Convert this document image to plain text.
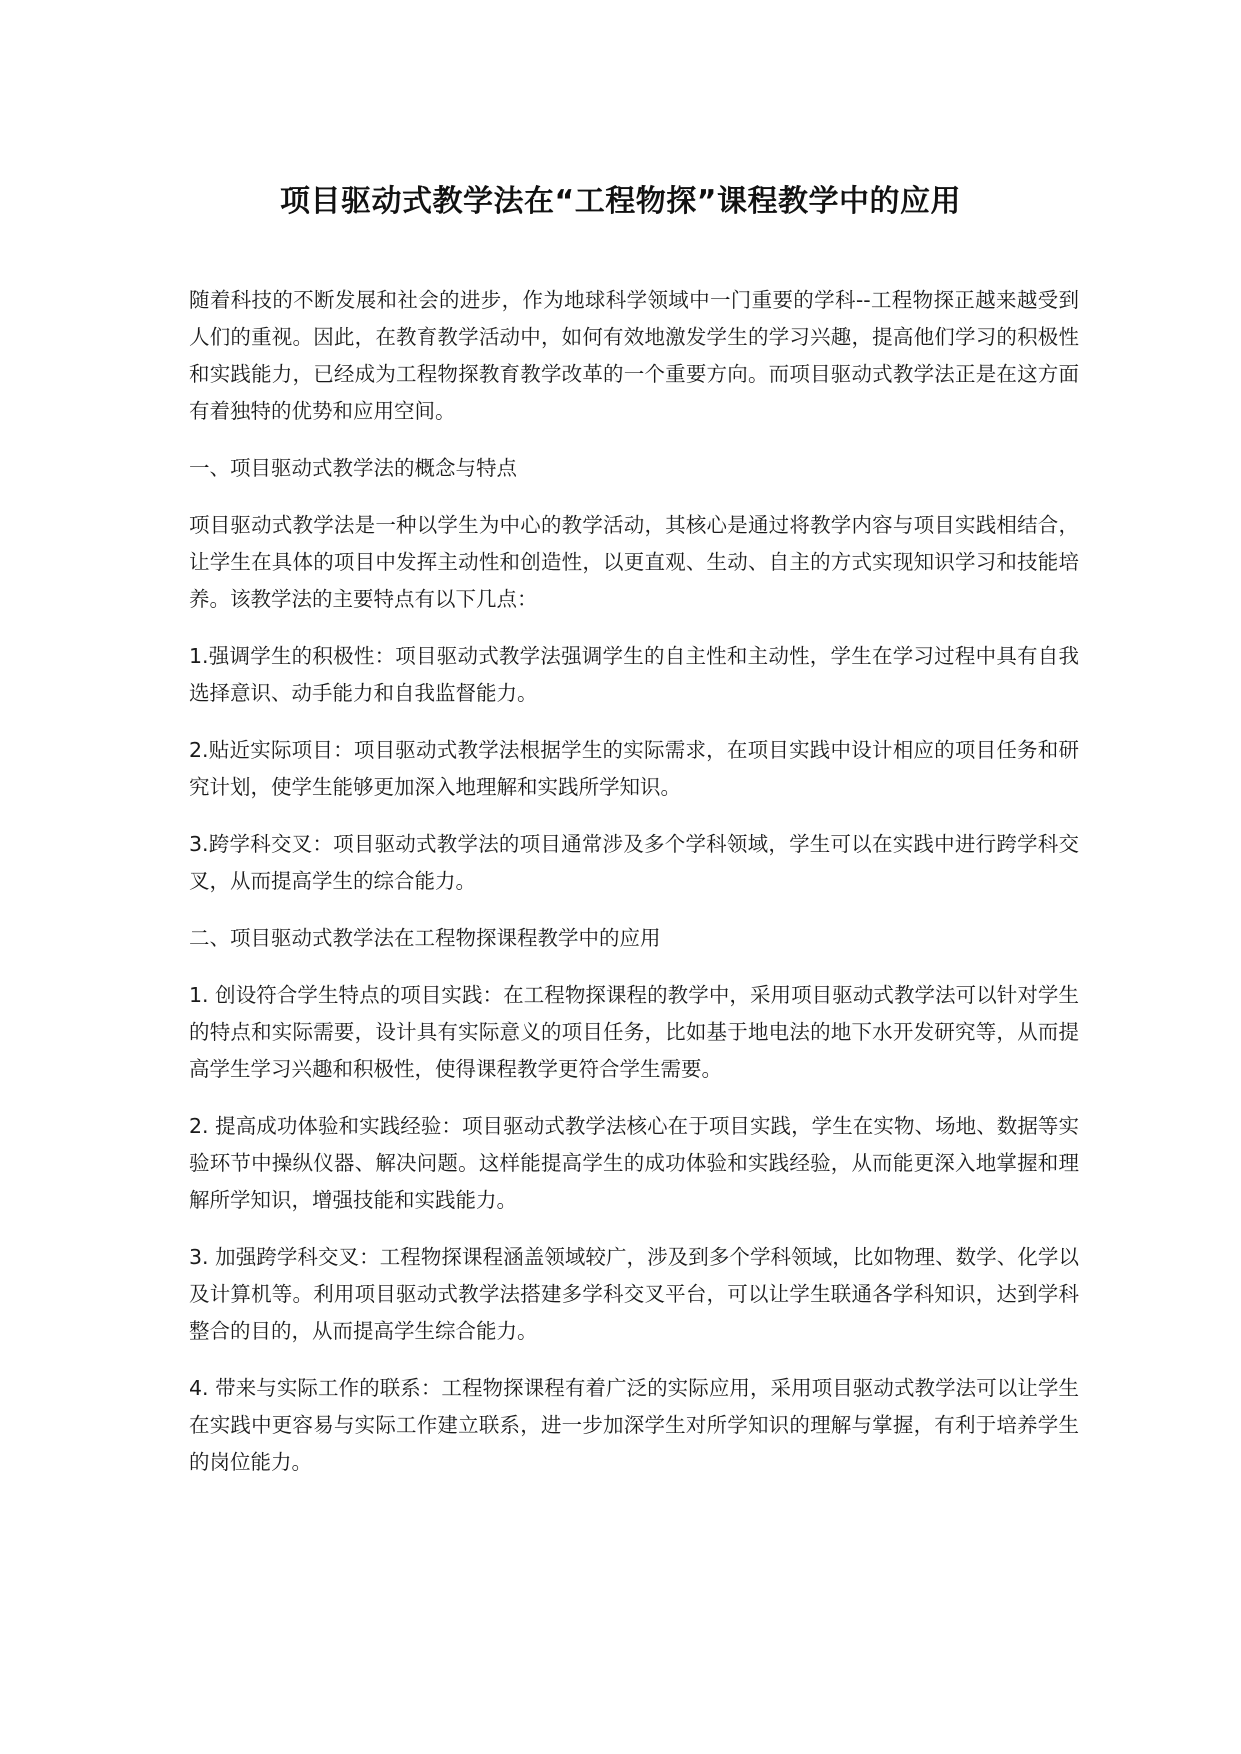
项目驱动式教学法在“工程物探”课程教学中的应用

随着科技的不断发展和社会的进步，作为地球科学领域中一门重要的学科--工程物探正越来越受到人们的重视。因此，在教育教学活动中，如何有效地激发学生的学习兴趣，提高他们学习的积极性和实践能力，已经成为工程物探教育教学改革的一个重要方向。而项目驱动式教学法正是在这方面有着独特的优势和应用空间。

一、项目驱动式教学法的概念与特点

项目驱动式教学法是一种以学生为中心的教学活动，其核心是通过将教学内容与项目实践相结合，让学生在具体的项目中发挥主动性和创造性，以更直观、生动、自主的方式实现知识学习和技能培养。该教学法的主要特点有以下几点：

1.强调学生的积极性：项目驱动式教学法强调学生的自主性和主动性，学生在学习过程中具有自我选择意识、动手能力和自我监督能力。

2.贴近实际项目：项目驱动式教学法根据学生的实际需求，在项目实践中设计相应的项目任务和研究计划，使学生能够更加深入地理解和实践所学知识。

3.跨学科交叉：项目驱动式教学法的项目通常涉及多个学科领域，学生可以在实践中进行跨学科交叉，从而提高学生的综合能力。

二、项目驱动式教学法在工程物探课程教学中的应用

1. 创设符合学生特点的项目实践：在工程物探课程的教学中，采用项目驱动式教学法可以针对学生的特点和实际需要，设计具有实际意义的项目任务，比如基于地电法的地下水开发研究等，从而提高学生学习兴趣和积极性，使得课程教学更符合学生需要。

2. 提高成功体验和实践经验：项目驱动式教学法核心在于项目实践，学生在实物、场地、数据等实验环节中操纵仪器、解决问题。这样能提高学生的成功体验和实践经验，从而能更深入地掌握和理解所学知识，增强技能和实践能力。

3. 加强跨学科交叉：工程物探课程涵盖领域较广，涉及到多个学科领域，比如物理、数学、化学以及计算机等。利用项目驱动式教学法搭建多学科交叉平台，可以让学生联通各学科知识，达到学科整合的目的，从而提高学生综合能力。

4. 带来与实际工作的联系：工程物探课程有着广泛的实际应用，采用项目驱动式教学法可以让学生在实践中更容易与实际工作建立联系，进一步加深学生对所学知识的理解与掌握，有利于培养学生的岗位能力。
